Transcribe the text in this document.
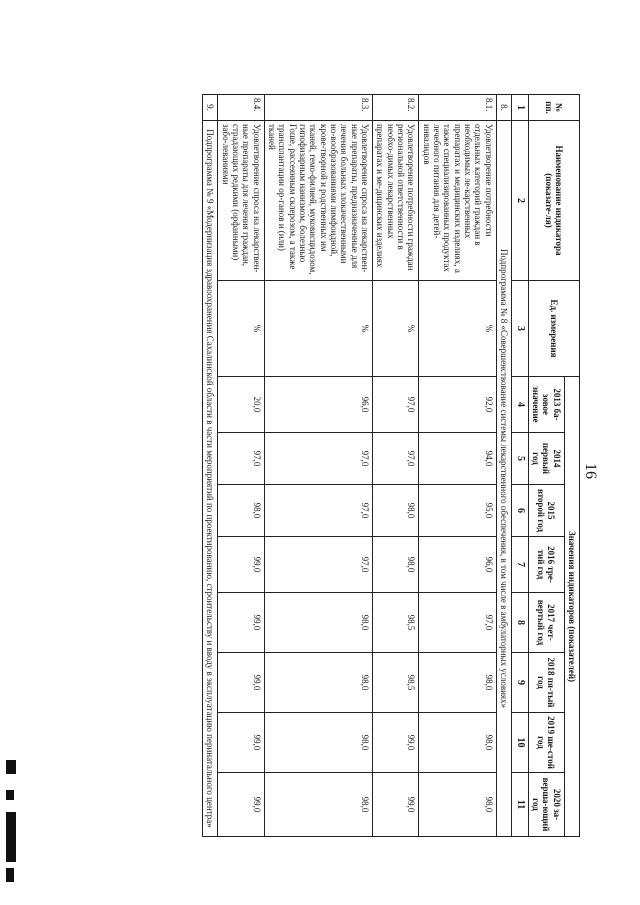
16
№ пп.	Наименование индикатора (показате-ля)	Ед. измерения	Значения индикаторов (показателей)							
			2013 ба-зовое значение	2014 первый год	2015 второй год	2016 тре-тий год	2017 чет-вертый год	2018 пя-тый год	2019 ше-стой год	2020 за-верша-ющий год
1	2	3	4	5	6	7	8	9	10	11
8.	Подпрограмма № 8 «Совершенствование системы лекарственного обеспечения, в том числе в амбулаторных условиях»									
8.1.	Удовлетворение потребности отдельных категорий граждан в необходимых ле-карственных препаратах и медицинских изделиях, а также специализированных продуктах лечебного питания для детей-инвалидов	%	92,0	94,0	95,0	96,0	97,0	98,0	98,0	98,0
8.2.	Удовлетворение потребности граждан региональной ответственности в необхо-димых лекарственных препаратах и ме-дицинских изделиях	%	97,0	97,0	98,0	98,0	98,5	98,5	99,0	99,0
8.3.	Удовлетворение спроса на лекарствен-ные препараты, предназначенные для лечения больных злокачественными но-вообразованиями лимфоидной, крове-творной и родственных им тканей, гемо-филией, муковисцидозом, гипофизарным нанизмом, болезнью Гоше, рассеянным склерозом, а также трансплантации ор-ганов и (или) тканей	%	96,0	97,0	97,0	97,0	98,0	98,0	98,0	98,0
8.4.	Удовлетворение спроса на лекарствен-ные препараты для лечения граждан, страдающих редкими (орфанными) забо-леваниями	%	20,0	97,0	98,0	99,0	99,0	99,0	99,0	99,0
9.	Подпрограмма № 9 «Модернизация здравоохранения Сахалинской области в части мероприятий по проектированию, строительству и вводу в эксплуатацию перинатального центра»									
